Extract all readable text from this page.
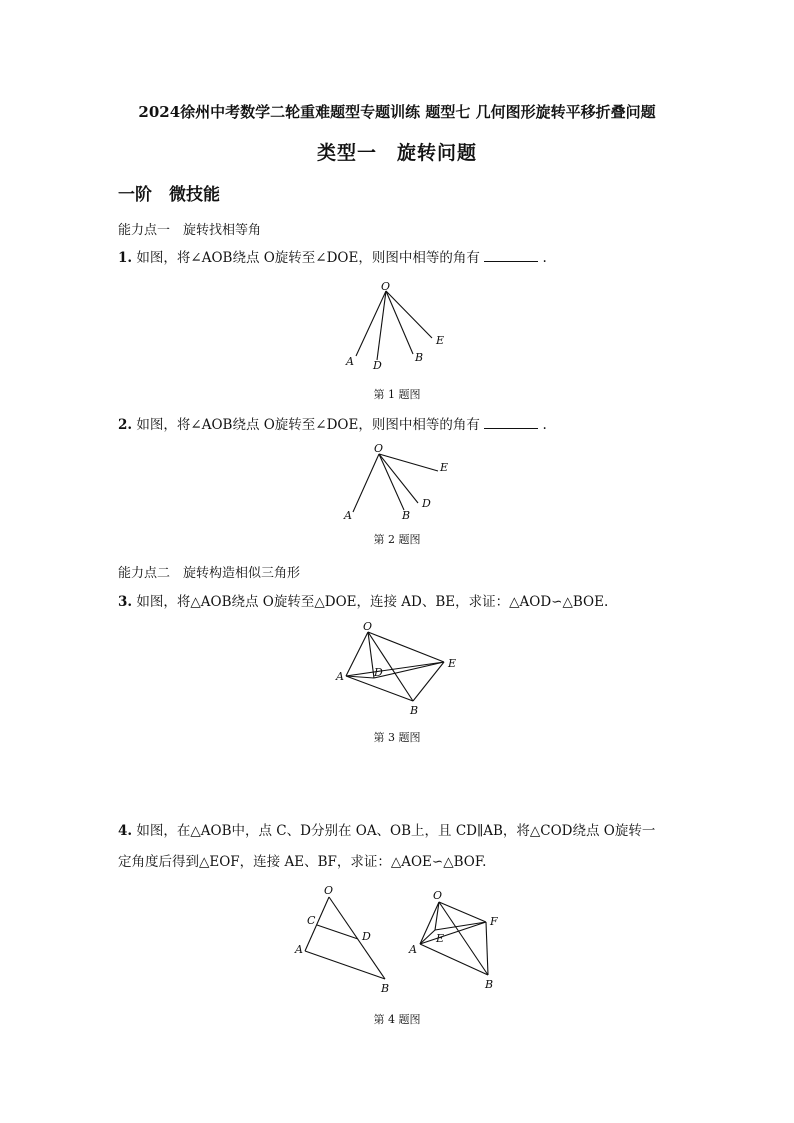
2024徐州中考数学二轮重难题型专题训练 题型七 几何图形旋转平移折叠问题
类型一　旋转问题
一阶　微技能
能力点一　旋转找相等角
1. 如图，将∠AOB绕点 O旋转至∠DOE，则图中相等的角有	.
O
A D
B
E
第 1 题图
2. 如图，将∠AOB绕点 O旋转至∠DOE，则图中相等的角有	.
O
E
A	B
D
第 2 题图
能力点二　旋转构造相似三角形
3. 如图，将△AOB绕点 O旋转至△DOE，连接 AD、BE，求证：△AOD∽△BOE.
O
E
A	D
B
第 3 题图
4. 如图，在△AOB中，点 C、D分别在 OA、OB上，且 CD∥AB，将△COD绕点 O旋转一
定角度后得到△EOF，连接 AE、BF，求证：△AOE∽△BOF.
O
C
D
A
B
O
F
E
A
B
第 4 题图
